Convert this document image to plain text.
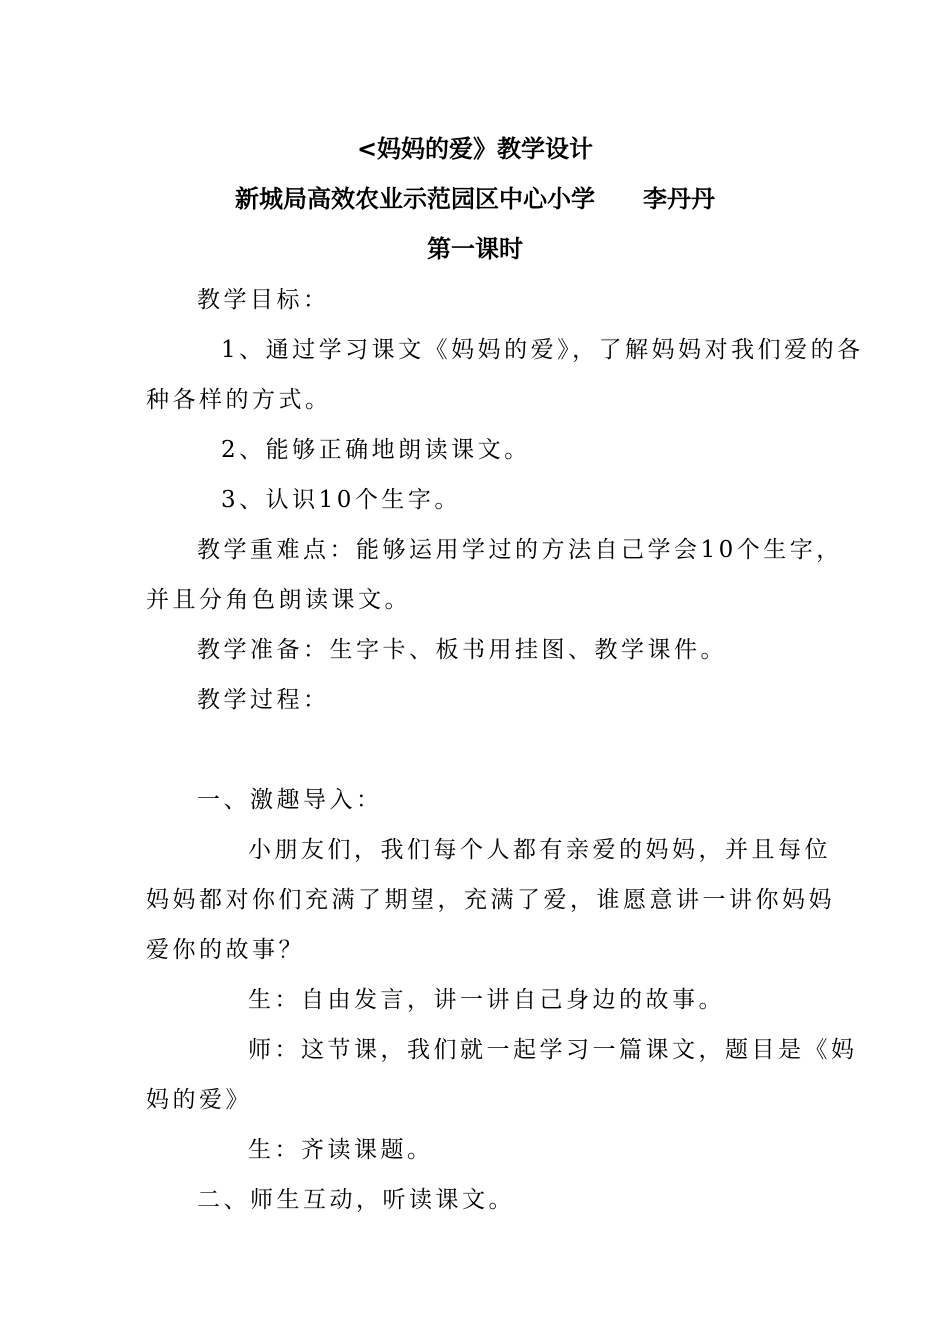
<妈妈的爱》教学设计
新城局高效农业示范园区中心小学 李丹丹
第一课时
教学目标：
1、通过学习课文《妈妈的爱》，了解妈妈对我们爱的各
种各样的方式。
2、能够正确地朗读课文。
3、认识10个生字。
教学重难点：能够运用学过的方法自己学会10个生字，
并且分角色朗读课文。
教学准备：生字卡、板书用挂图、教学课件。
教学过程：
一、激趣导入：
小朋友们，我们每个人都有亲爱的妈妈，并且每位
妈妈都对你们充满了期望，充满了爱，谁愿意讲一讲你妈妈
爱你的故事？
生：自由发言，讲一讲自己身边的故事。
师：这节课，我们就一起学习一篇课文，题目是《妈
妈的爱》
生：齐读课题。
二、师生互动，听读课文。
